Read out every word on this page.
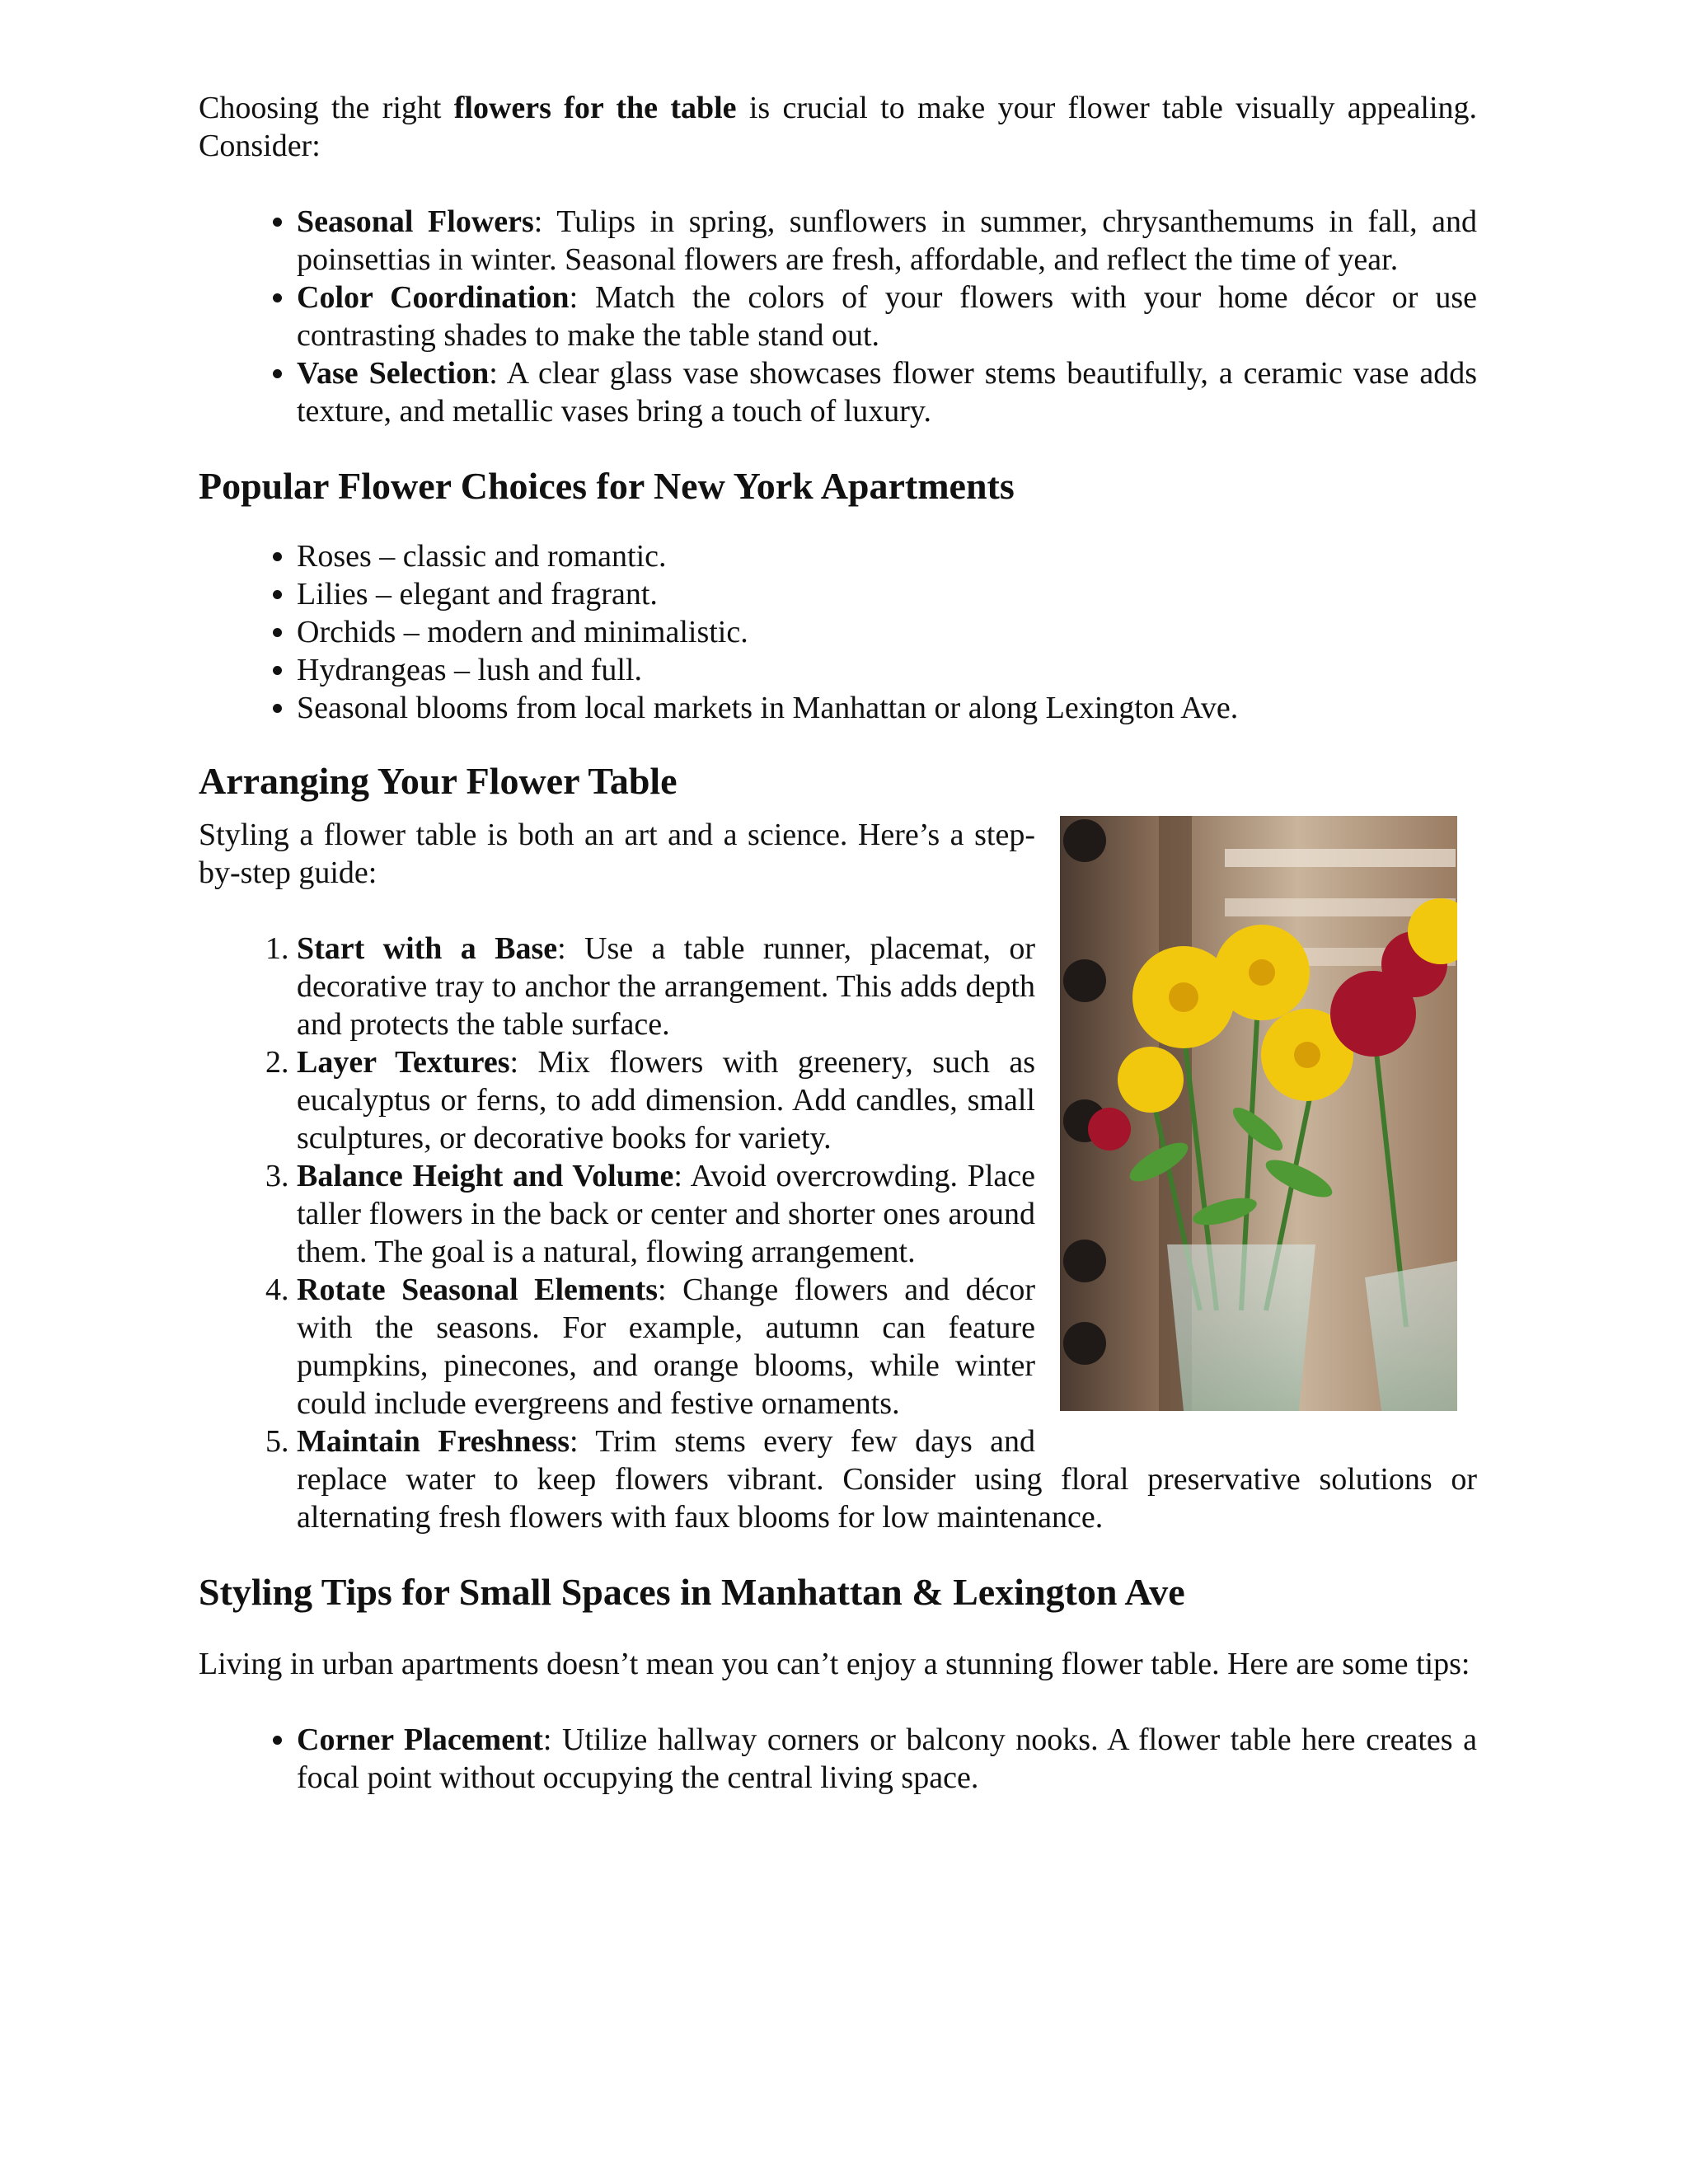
Choosing the right flowers for the table is crucial to make your flower table visually appealing. Consider:

• Seasonal Flowers: Tulips in spring, sunflowers in summer, chrysanthemums in fall, and poinsettias in winter. Seasonal flowers are fresh, affordable, and reflect the time of year.
• Color Coordination: Match the colors of your flowers with your home décor or use contrasting shades to make the table stand out.
• Vase Selection: A clear glass vase showcases flower stems beautifully, a ceramic vase adds texture, and metallic vases bring a touch of luxury.
Popular Flower Choices for New York Apartments
• Roses – classic and romantic.
• Lilies – elegant and fragrant.
• Orchids – modern and minimalistic.
• Hydrangeas – lush and full.
• Seasonal blooms from local markets in Manhattan or along Lexington Ave.
Arranging Your Flower Table

Styling a flower table is both an art and a science. Here’s a step-by-step guide:

1. Start with a Base: Use a table runner, placemat, or decorative tray to anchor the arrangement. This adds depth and protects the table surface.
2. Layer Textures: Mix flowers with greenery, such as eucalyptus or ferns, to add dimension. Add candles, small sculptures, or decorative books for variety.
3. Balance Height and Volume: Avoid overcrowding. Place taller flowers in the back or center and shorter ones around them. The goal is a natural, flowing arrangement.
4. Rotate Seasonal Elements: Change flowers and décor with the seasons. For example, autumn can feature pumpkins, pinecones, and orange blooms, while winter could include evergreens and festive ornaments.
5. Maintain Freshness: Trim stems every few days and replace water to keep flowers vibrant. Consider using floral preservative solutions or alternating fresh flowers with faux blooms for low maintenance.
Styling Tips for Small Spaces in Manhattan & Lexington Ave

Living in urban apartments doesn’t mean you can’t enjoy a stunning flower table. Here are some tips:

• Corner Placement: Utilize hallway corners or balcony nooks. A flower table here creates a focal point without occupying the central living space.
